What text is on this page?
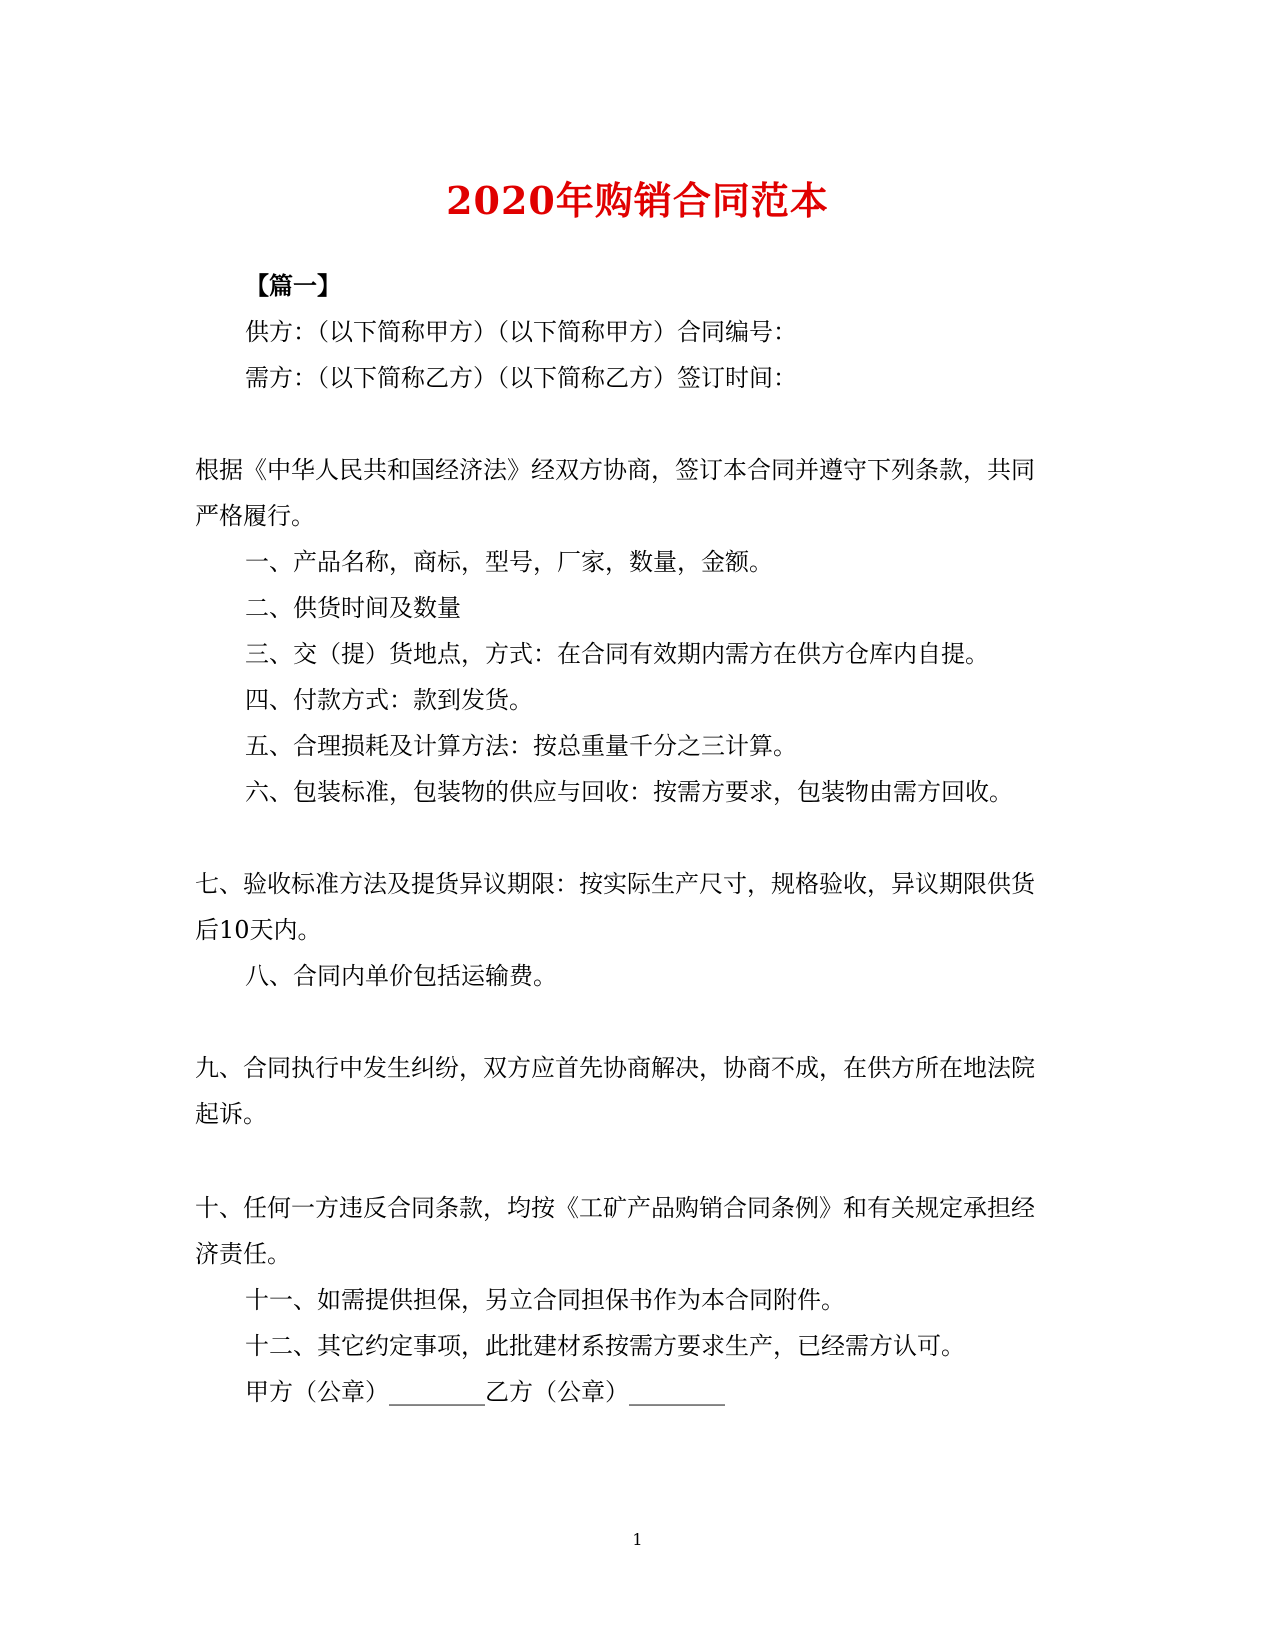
2020年购销合同范本
【篇一】
供方：（以下简称甲方）（以下简称甲方）合同编号：
需方：（以下简称乙方）（以下简称乙方）签订时间：
根据《中华人民共和国经济法》经双方协商，签订本合同并遵守下列条款，共同
严格履行。
一、产品名称，商标，型号，厂家，数量，金额。
二、供货时间及数量
三、交（提）货地点，方式：在合同有效期内需方在供方仓库内自提。
四、付款方式：款到发货。
五、合理损耗及计算方法：按总重量千分之三计算。
六、包装标准，包装物的供应与回收：按需方要求，包装物由需方回收。
七、验收标准方法及提货异议期限：按实际生产尺寸，规格验收，异议期限供货
后10天内。
八、合同内单价包括运输费。
九、合同执行中发生纠纷，双方应首先协商解决，协商不成，在供方所在地法院
起诉。
十、任何一方违反合同条款，均按《工矿产品购销合同条例》和有关规定承担经
济责任。
十一、如需提供担保，另立合同担保书作为本合同附件。
十二、其它约定事项，此批建材系按需方要求生产，已经需方认可。
甲方（公章）________乙方（公章）________
1
